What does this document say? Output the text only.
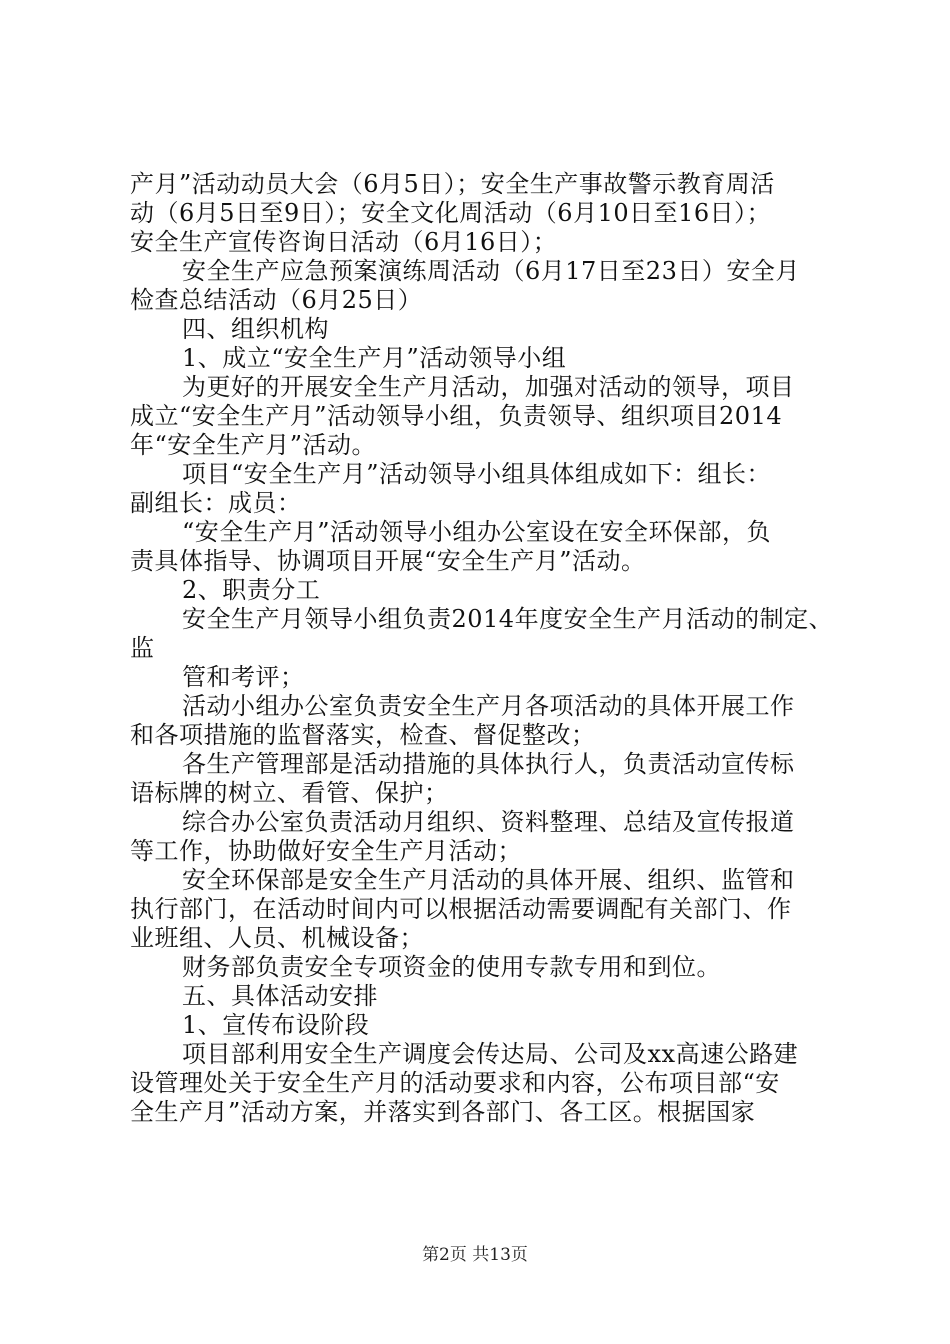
产月”活动动员大会（6月5日）；安全生产事故警示教育周活
动（6月5日至9日）；安全文化周活动（6月10日至16日）；
安全生产宣传咨询日活动（6月16日）；
安全生产应急预案演练周活动（6月17日至23日）安全月
检查总结活动（6月25日）
四、组织机构
1、成立“安全生产月”活动领导小组
为更好的开展安全生产月活动，加强对活动的领导，项目
成立“安全生产月”活动领导小组，负责领导、组织项目2014
年“安全生产月”活动。
项目“安全生产月”活动领导小组具体组成如下：组长：
副组长：成员：
“安全生产月”活动领导小组办公室设在安全环保部，负
责具体指导、协调项目开展“安全生产月”活动。
2、职责分工
安全生产月领导小组负责2014年度安全生产月活动的制定、
监
管和考评；
活动小组办公室负责安全生产月各项活动的具体开展工作
和各项措施的监督落实，检查、督促整改；
各生产管理部是活动措施的具体执行人，负责活动宣传标
语标牌的树立、看管、保护；
综合办公室负责活动月组织、资料整理、总结及宣传报道
等工作，协助做好安全生产月活动；
安全环保部是安全生产月活动的具体开展、组织、监管和
执行部门，在活动时间内可以根据活动需要调配有关部门、作
业班组、人员、机械设备；
财务部负责安全专项资金的使用专款专用和到位。
五、具体活动安排
1、宣传布设阶段
项目部利用安全生产调度会传达局、公司及xx高速公路建
设管理处关于安全生产月的活动要求和内容，公布项目部“安
全生产月”活动方案，并落实到各部门、各工区。根据国家
第2页 共13页
